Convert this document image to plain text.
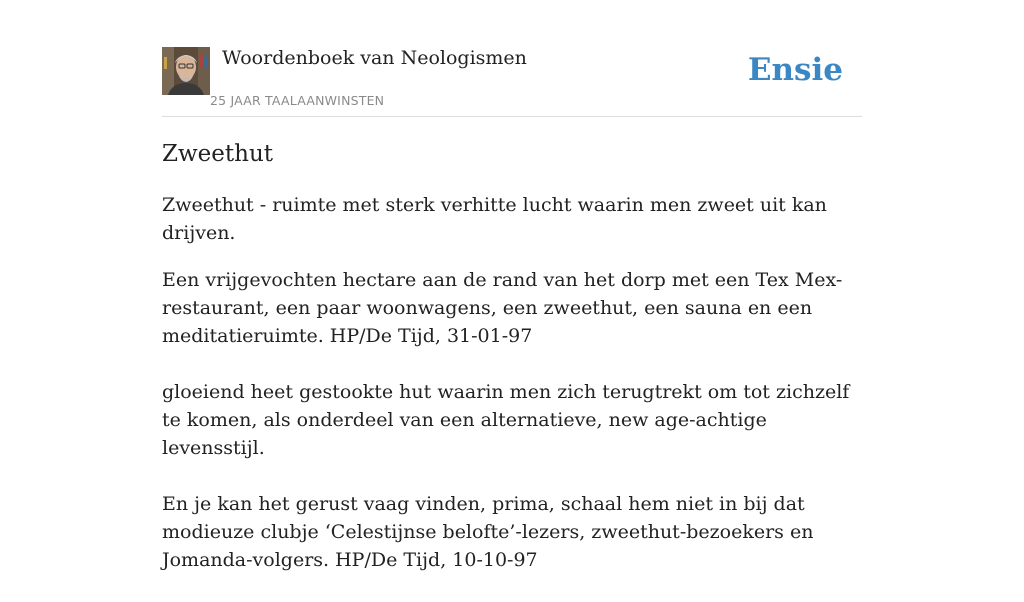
Woordenboek van Neologismen
25 JAAR TAALAANWINSTEN
Ensie
Zweethut

Zweethut - ruimte met sterk verhitte lucht waarin men zweet uit kan drijven.

Een vrijgevochten hectare aan de rand van het dorp met een Tex Mex-restaurant, een paar woonwagens, een zweethut, een sauna en een meditatieruimte. HP/De Tijd, 31-01-97

gloeiend heet gestookte hut waarin men zich terugtrekt om tot zichzelf te komen, als onderdeel van een alternatieve, new age-achtige levensstijl.

En je kan het gerust vaag vinden, prima, schaal hem niet in bij dat modieuze clubje ‘Celestijnse belofte’-lezers, zweethut-bezoekers en Jomanda-volgers. HP/De Tijd, 10-10-97
